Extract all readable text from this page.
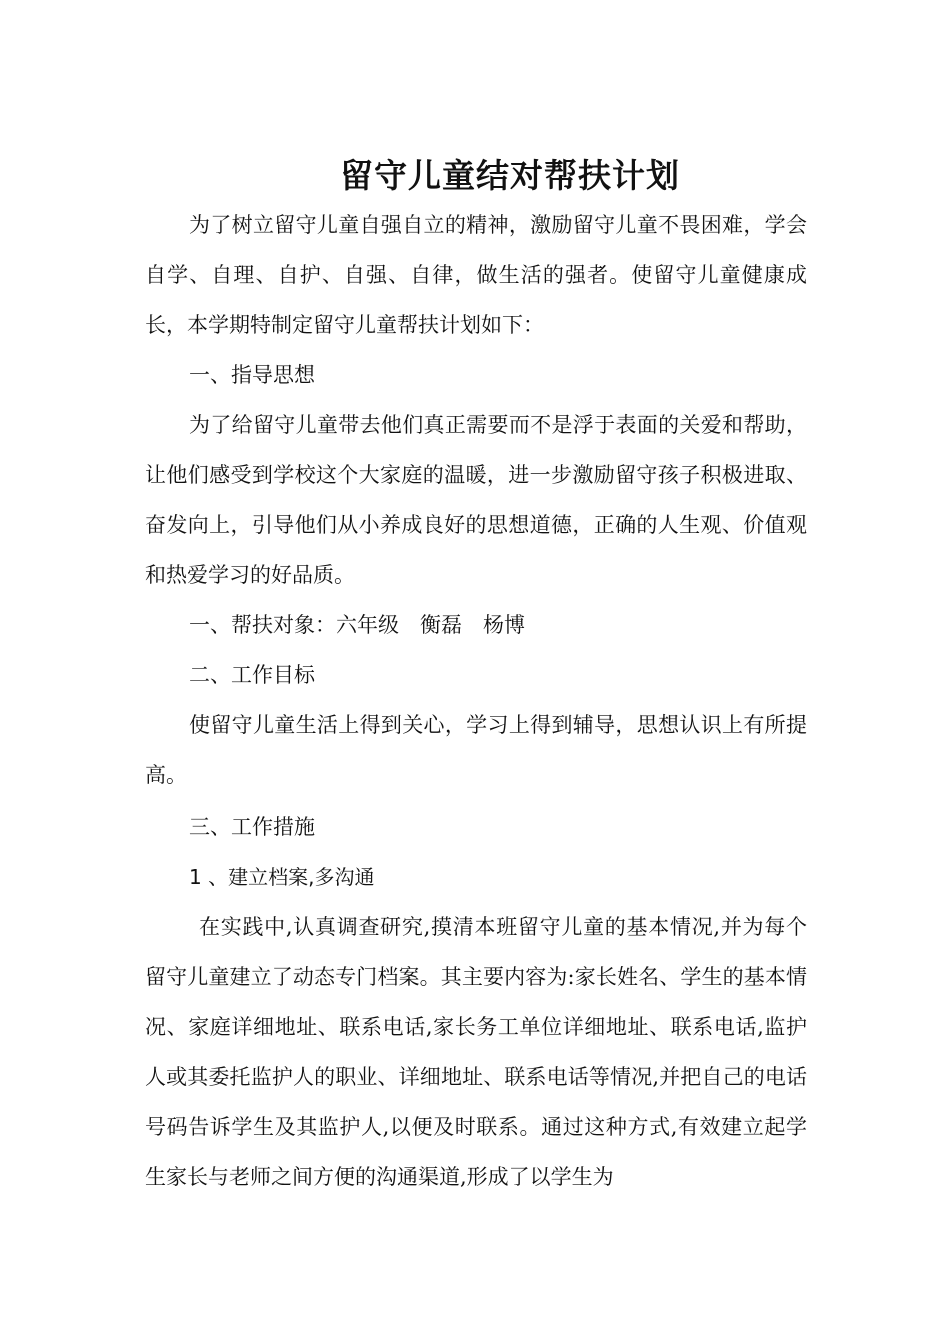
留守儿童结对帮扶计划

为了树立留守儿童自强自立的精神，激励留守儿童不畏困难，学会自学、自理、自护、自强、自律，做生活的强者。使留守儿童健康成长，本学期特制定留守儿童帮扶计划如下：

一、指导思想

为了给留守儿童带去他们真正需要而不是浮于表面的关爱和帮助，让他们感受到学校这个大家庭的温暖，进一步激励留守孩子积极进取、奋发向上，引导他们从小养成良好的思想道德，正确的人生观、价值观和热爱学习的好品质。

一、帮扶对象：六年级　衡磊　杨博

二、工作目标

使留守儿童生活上得到关心，学习上得到辅导，思想认识上有所提高。

三、工作措施

1 、建立档案,多沟通

在实践中,认真调查研究,摸清本班留守儿童的基本情况,并为每个留守儿童建立了动态专门档案。其主要内容为:家长姓名、学生的基本情况、家庭详细地址、联系电话,家长务工单位详细地址、联系电话,监护人或其委托监护人的职业、详细地址、联系电话等情况,并把自己的电话号码告诉学生及其监护人,以便及时联系。通过这种方式,有效建立起学生家长与老师之间方便的沟通渠道,形成了以学生为
